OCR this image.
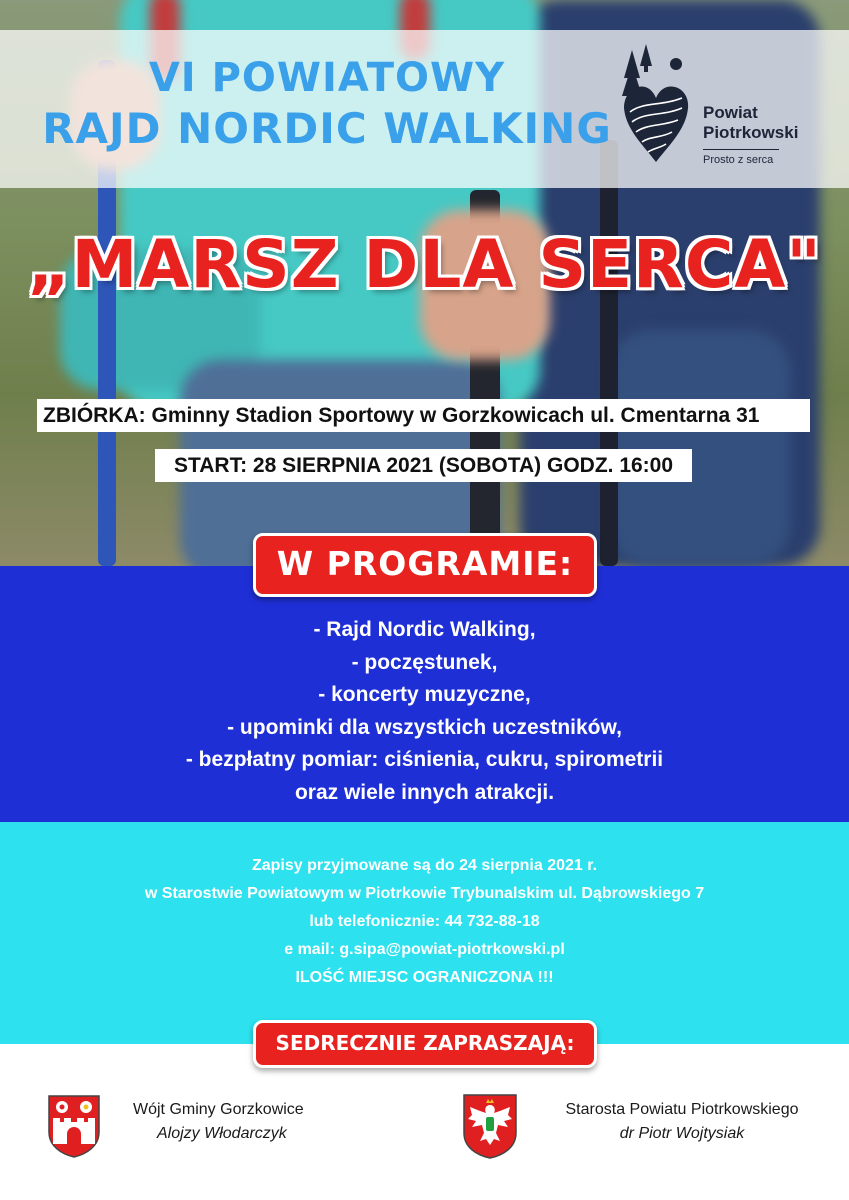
VI POWIATOWY
RAJD NORDIC WALKING	Powiat
Piotrkowski
Prosto z serca
„MARSZ DLA SERCA"
ZBIÓRKA: Gminny Stadion Sportowy w Gorzkowicach ul. Cmentarna 31
START: 28 SIERPNIA 2021 (SOBOTA) GODZ. 16:00
W PROGRAMIE:
- Rajd Nordic Walking,
- poczęstunek,
- koncerty muzyczne,
- upominki dla wszystkich uczestników,
- bezpłatny pomiar: ciśnienia, cukru, spirometrii
oraz wiele innych atrakcji.
Zapisy przyjmowane są do 24 sierpnia 2021 r.
w Starostwie Powiatowym w Piotrkowie Trybunalskim ul. Dąbrowskiego 7
lub telefonicznie: 44 732-88-18
e mail: g.sipa@powiat-piotrkowski.pl
ILOŚĆ MIEJSC OGRANICZONA !!!
SEDRECZNIE ZAPRASZAJĄ:
Wójt Gminy Gorzkowice
Alojzy Włodarczyk
Starosta Powiatu Piotrkowskiego
dr Piotr Wojtysiak
